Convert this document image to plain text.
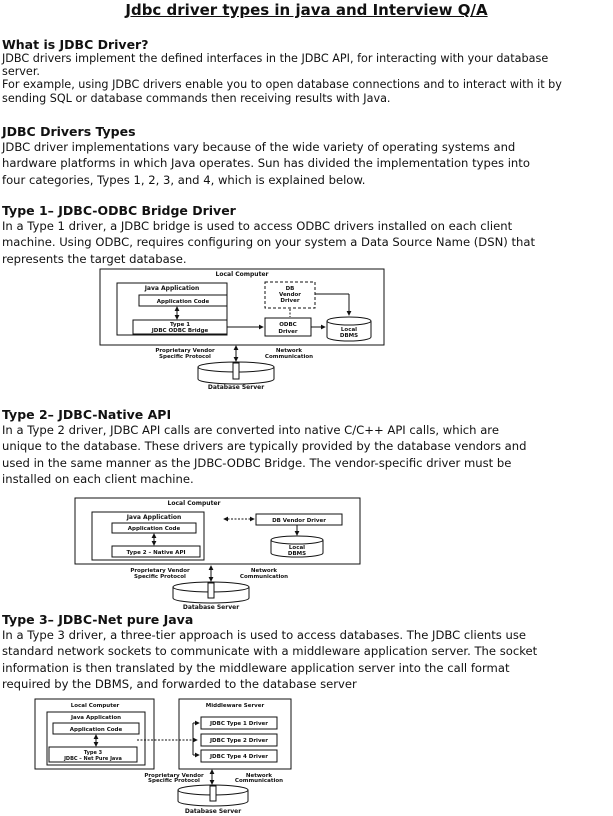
Jdbc driver types in java and Interview Q/A
What is JDBC Driver?
JDBC drivers implement the defined interfaces in the JDBC API, for interacting with your database
server.
For example, using JDBC drivers enable you to open database connections and to interact with it by
sending SQL or database commands then receiving results with Java.
JDBC Drivers Types
JDBC driver implementations vary because of the wide variety of operating systems and
hardware platforms in which Java operates. Sun has divided the implementation types into
four categories, Types 1, 2, 3, and 4, which is explained below.
Type 1– JDBC-ODBC Bridge Driver
In a Type 1 driver, a JDBC bridge is used to access ODBC drivers installed on each client
machine. Using ODBC, requires configuring on your system a Data Source Name (DSN) that
represents the target database.
Local Computer
Java Application
Application Code
Type 1
JDBC ODBC Bridge
DB
Vendor
Driver
ODBC
Driver	Local
DBMS
Proprietary Vendor
Specific Protocol
Network
Communication
Database Server
Type 2– JDBC-Native API
In a Type 2 driver, JDBC API calls are converted into native C/C++ API calls, which are
unique to the database. These drivers are typically provided by the database vendors and
used in the same manner as the JDBC-ODBC Bridge. The vendor-specific driver must be
installed on each client machine.
Local Computer
Java Application
Application Code
Type 2 – Native API
DB Vendor Driver
Local
DBMS
Proprietary Vendor
Specific Protocol
Network
Communication
Database Server
Type 3– JDBC-Net pure Java
In a Type 3 driver, a three-tier approach is used to access databases. The JDBC clients use
standard network sockets to communicate with a middleware application server. The socket
information is then translated by the middleware application server into the call format
required by the DBMS, and forwarded to the database server
Local Computer
Java Application
Application Code
Type 3
JDBC – Net Pure Java
Middleware Server
JDBC Type 1 Driver
JDBC Type 2 Driver
JDBC Type 4 Driver
Proprietary Vendor
Specific Protocol
Network
Communication
Database Server
